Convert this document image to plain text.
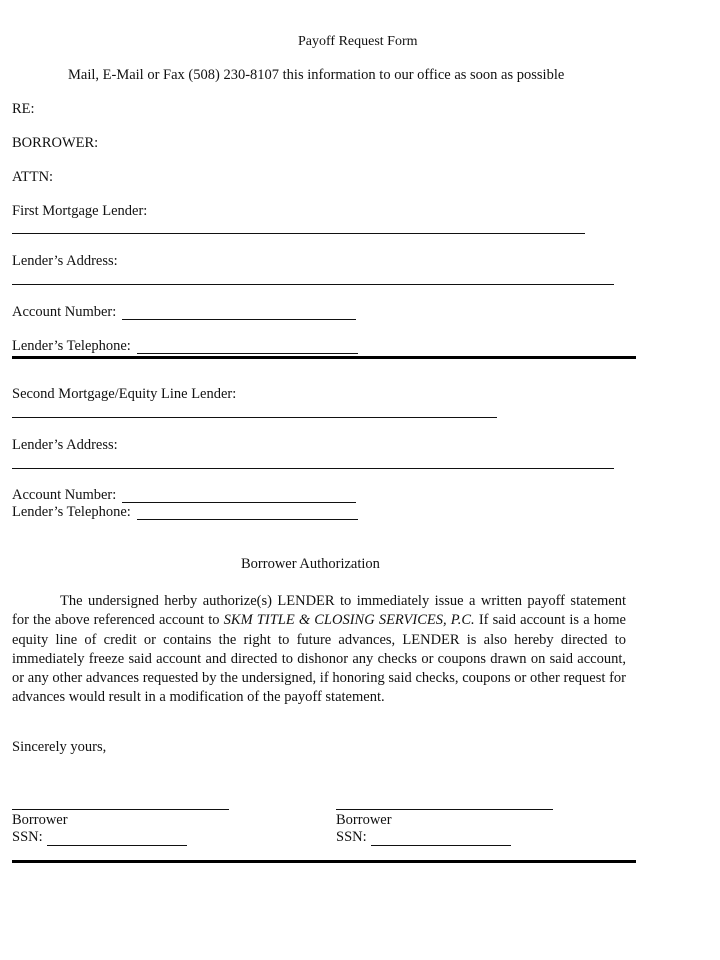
Payoff Request Form
Mail, E-Mail or Fax (508) 230-8107 this information to our office as soon as possible
RE:
BORROWER:
ATTN:
First Mortgage Lender:
Lender’s Address:
Account Number:
Lender’s Telephone:
Second Mortgage/Equity Line Lender:
Lender’s Address:
Account Number:
Lender’s Telephone:
Borrower Authorization
The undersigned herby authorize(s) LENDER to immediately issue a written payoff statement for the above referenced account to SKM TITLE & CLOSING SERVICES, P.C. If said account is a home equity line of credit or contains the right to future advances, LENDER is also hereby directed to immediately freeze said account and directed to dishonor any checks or coupons drawn on said account, or any other advances requested by the undersigned, if honoring said checks, coupons or other request for advances would result in a modification of the payoff statement.
Sincerely yours,
Borrower
SSN:
Borrower
SSN:
